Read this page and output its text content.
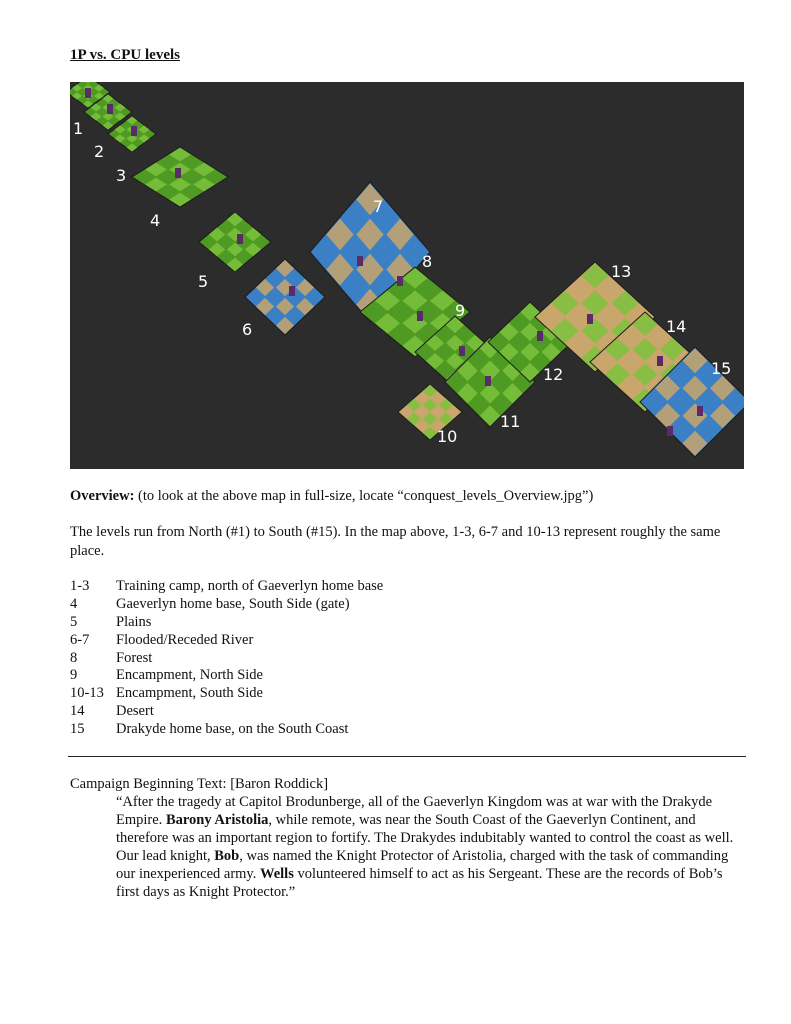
1P vs. CPU levels
1
2
3
4
5
6
7
8
9
10
11
12
13
14
15
Overview: (to look at the above map in full-size, locate “conquest_levels_Overview.jpg”)
The levels run from North (#1) to South (#15). In the map above, 1-3, 6-7 and 10-13 represent roughly the same place.
1-3 Training camp, north of Gaeverlyn home base
4	Gaeverlyn home base, South Side (gate)
5	Plains
6-7 Flooded/Receded River
8	Forest
9	Encampment, North Side
10-13 Encampment, South Side
14 Desert
15 Drakyde home base, on the South Coast
Campaign Beginning Text: [Baron Roddick]
“After the tragedy at Capitol Brodunberge, all of the Gaeverlyn Kingdom was at war with the Drakyde Empire. Barony Aristolia, while remote, was near the South Coast of the Gaeverlyn Continent, and therefore was an important region to fortify. The Drakydes indubitably wanted to control the coast as well. Our lead knight, Bob, was named the Knight Protector of Aristolia, charged with the task of commanding our inexperienced army. Wells volunteered himself to act as his Sergeant. These are the records of Bob’s first days as Knight Protector.”
